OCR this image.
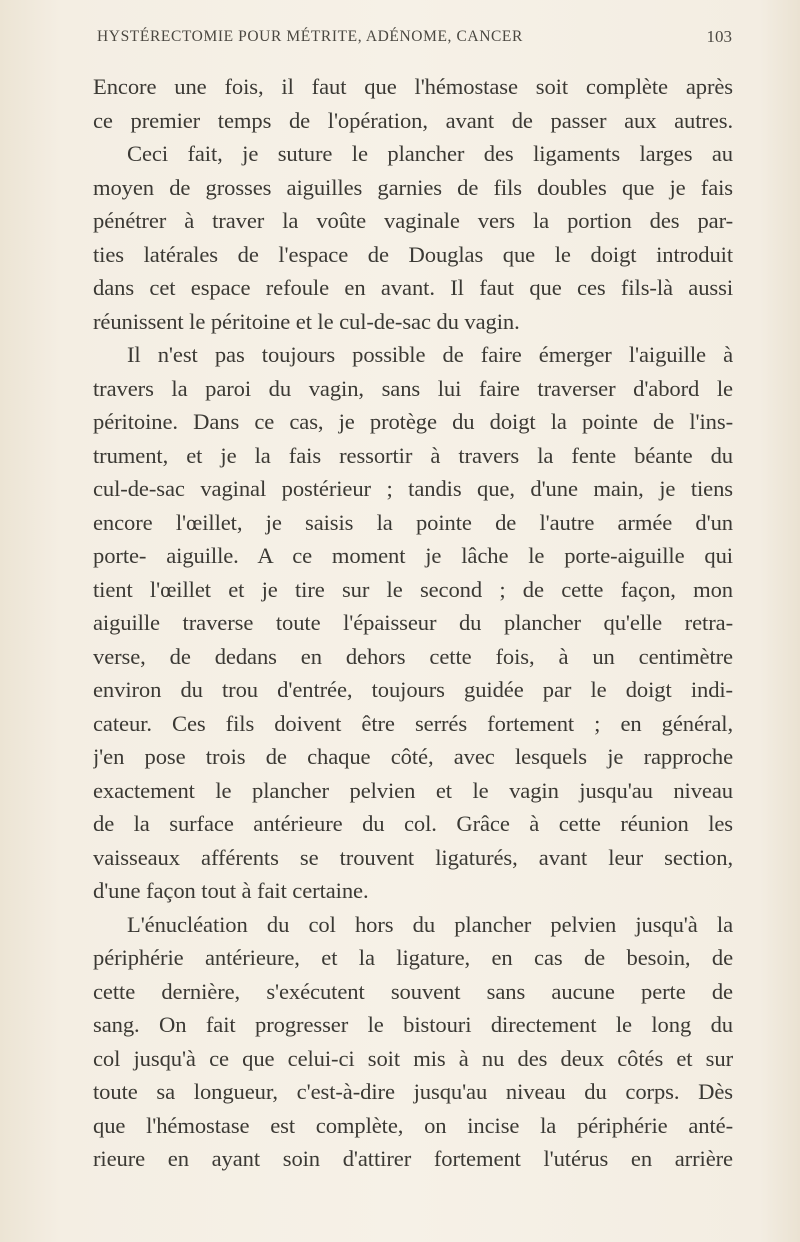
HYSTÉRECTOMIE POUR MÉTRITE, ADÉNOME, CANCER	103
Encore une fois, il faut que l'hémostase soit complète après
ce premier temps de l'opération, avant de passer aux autres.
Ceci fait, je suture le plancher des ligaments larges au
moyen de grosses aiguilles garnies de fils doubles que je fais
pénétrer à traver la voûte vaginale vers la portion des par-
ties latérales de l'espace de Douglas que le doigt introduit
dans cet espace refoule en avant. Il faut que ces fils-là aussi
réunissent le péritoine et le cul-de-sac du vagin.
Il n'est pas toujours possible de faire émerger l'aiguille à
travers la paroi du vagin, sans lui faire traverser d'abord le
péritoine. Dans ce cas, je protège du doigt la pointe de l'ins-
trument, et je la fais ressortir à travers la fente béante du
cul-de-sac vaginal postérieur ; tandis que, d'une main, je tiens
encore l'œillet, je saisis la pointe de l'autre armée d'un
porte- aiguille. A ce moment je lâche le porte-aiguille qui
tient l'œillet et je tire sur le second ; de cette façon, mon
aiguille traverse toute l'épaisseur du plancher qu'elle retra-
verse, de dedans en dehors cette fois, à un centimètre
environ du trou d'entrée, toujours guidée par le doigt indi-
cateur. Ces fils doivent être serrés fortement ; en général,
j'en pose trois de chaque côté, avec lesquels je rapproche
exactement le plancher pelvien et le vagin jusqu'au niveau
de la surface antérieure du col. Grâce à cette réunion les
vaisseaux afférents se trouvent ligaturés, avant leur section,
d'une façon tout à fait certaine.
L'énucléation du col hors du plancher pelvien jusqu'à la
périphérie antérieure, et la ligature, en cas de besoin, de
cette dernière, s'exécutent souvent sans aucune perte de
sang. On fait progresser le bistouri directement le long du
col jusqu'à ce que celui-ci soit mis à nu des deux côtés et sur
toute sa longueur, c'est-à-dire jusqu'au niveau du corps. Dès
que l'hémostase est complète, on incise la périphérie anté-
rieure en ayant soin d'attirer fortement l'utérus en arrière
